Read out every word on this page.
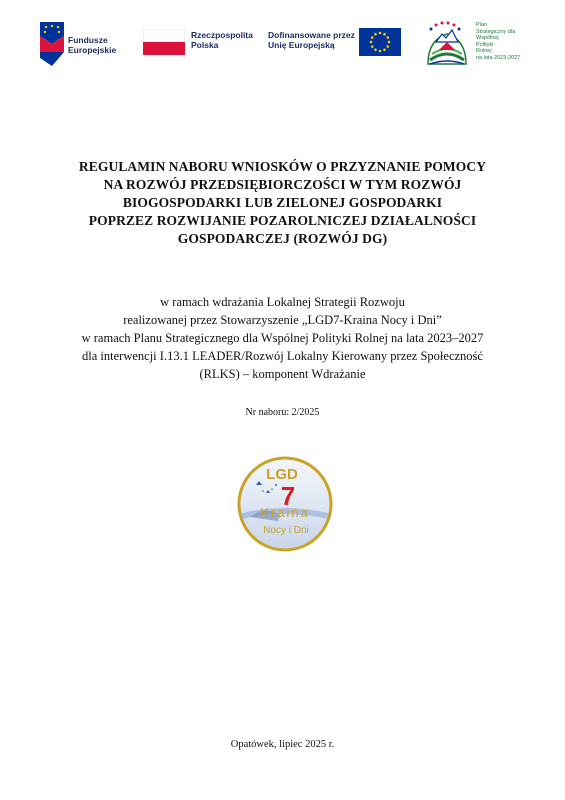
Fundusze
Europejskie
Rzeczpospolita
Polska
Dofinansowane przez
Unię Europejską
Plan
Strategiczny dla
Wspólnej
Polityki
Rolnej
na lata 2023-2027
REGULAMIN NABORU WNIOSKÓW O PRZYZNANIE POMOCY
NA ROZWÓJ PRZEDSIĘBIORCZOŚCI W TYM ROZWÓJ
BIOGOSPODARKI LUB ZIELONEJ GOSPODARKI
POPRZEZ ROZWIJANIE POZAROLNICZEJ DZIAŁALNOŚCI
GOSPODARCZEJ (ROZWÓJ DG)
w ramach wdrażania Lokalnej Strategii Rozwoju
realizowanej przez Stowarzyszenie „LGD7-Kraina Nocy i Dni”
w ramach Planu Strategicznego dla Wspólnej Polityki Rolnej na lata 2023–2027
dla interwencji I.13.1 LEADER/Rozwój Lokalny Kierowany przez Społeczność
(RLKS) – komponent Wdrażanie
Nr naboru: 2/2025
LGD
7
Kraina
Nocy i Dni
Opatówek, lipiec 2025 r.
